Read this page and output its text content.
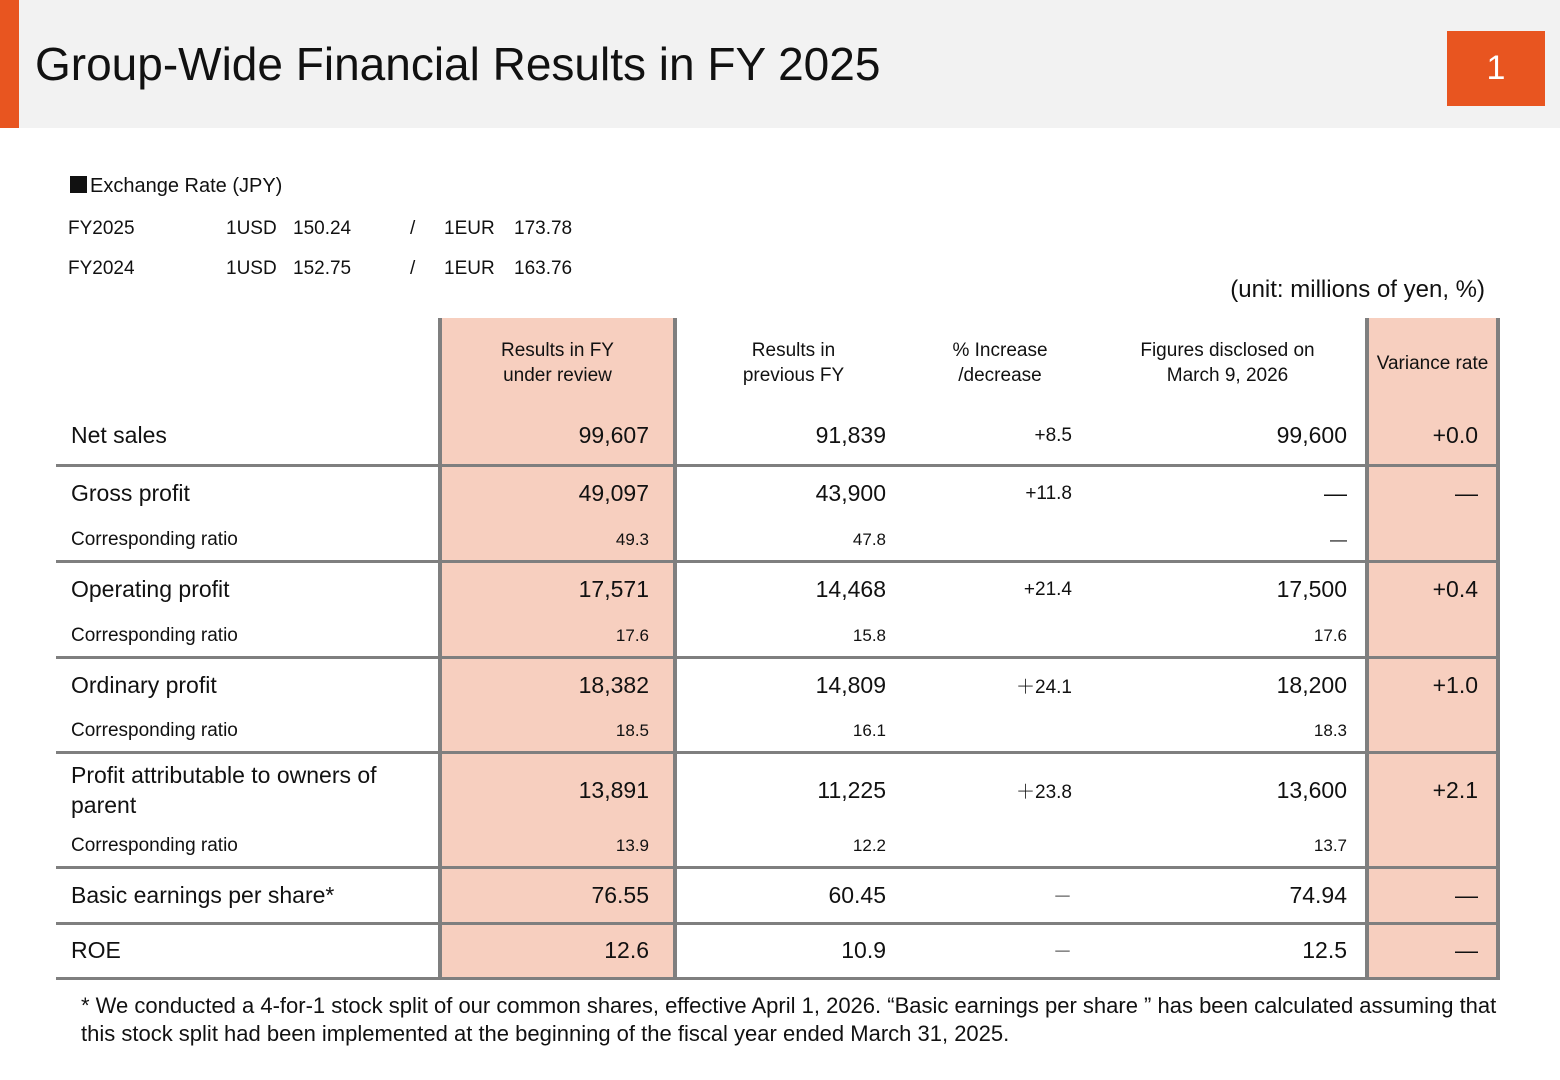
Group-Wide Financial Results in FY 2025	1
Exchange Rate (JPY)
FY2025	1USD 150.24	/ 1EUR 173.78
FY2024	1USD 152.75	/ 1EUR 163.76
(unit: millions of yen, %)

	Results in FY under review	Results in previous FY	% Increase /decrease	Figures disclosed on March 9, 2026	Variance rate
Net sales	99,607	91,839	+8.5	99,600	+0.0
Gross profit	49,097	43,900	+11.8	—	—
Corresponding ratio	49.3	47.8		—	
Operating profit	17,571	14,468	+21.4	17,500	+0.4
Corresponding ratio	17.6	15.8		17.6	
Ordinary profit	18,382	14,809	＋24.1	18,200	+1.0
Corresponding ratio	18.5	16.1		18.3	
Profit attributable to owners of parent	13,891	11,225	＋23.8	13,600	+2.1
Corresponding ratio	13.9	12.2		13.7	
Basic earnings per share*	76.55	60.45	－	74.94	—
ROE	12.6	10.9	－	12.5	—
* We conducted a 4-for-1 stock split of our common shares, effective April 1, 2026. “Basic earnings per share ” has been calculated assuming that this stock split had been implemented at the beginning of the fiscal year ended March 31, 2025.
